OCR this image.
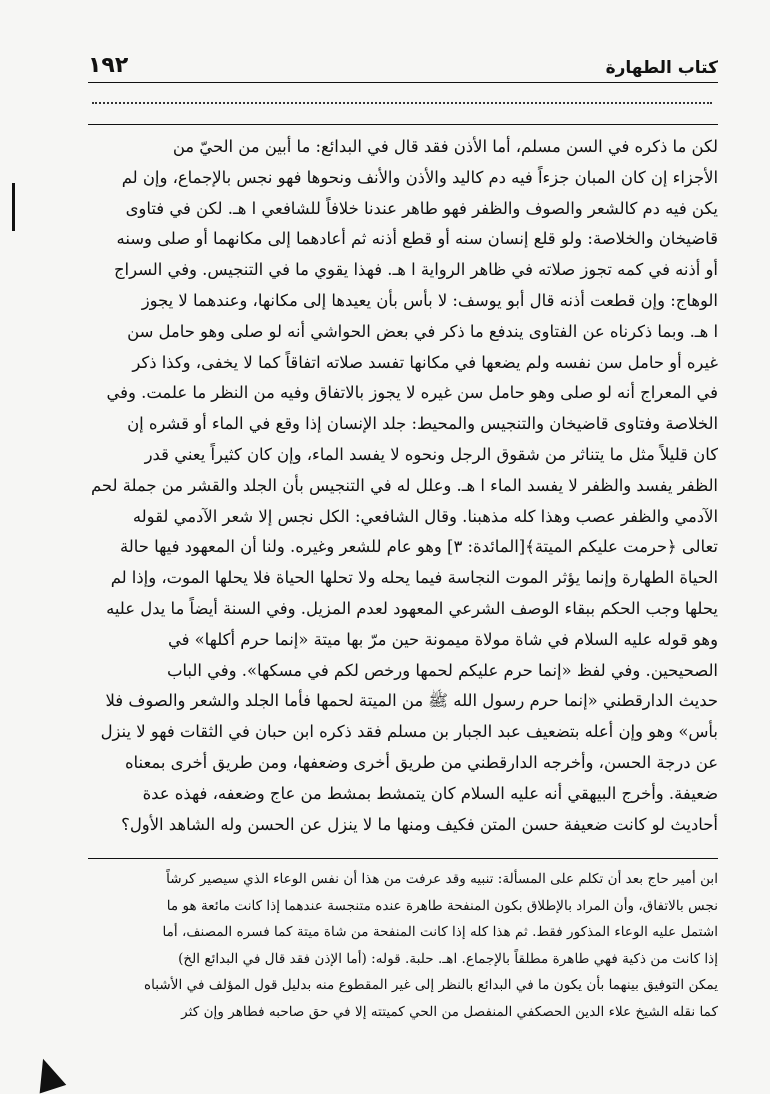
١٩٢	كتاب الطهارة
لكن ما ذكره في السن مسلم، أما الأذن فقد قال في البدائع: ما أبين من الحيّ من
الأجزاء إن كان المبان جزءاً فيه دم كاليد والأذن والأنف ونحوها فهو نجس بالإجماع، وإن لم
يكن فيه دم كالشعر والصوف والظفر فهو طاهر عندنا خلافاً للشافعي ا هـ. لكن في فتاوى
قاضيخان والخلاصة: ولو قلع إنسان سنه أو قطع أذنه ثم أعادهما إلى مكانهما أو صلى وسنه
أو أذنه في كمه تجوز صلاته في ظاهر الرواية ا هـ. فهذا يقوي ما في التنجيس. وفي السراج
الوهاج: وإن قطعت أذنه قال أبو يوسف: لا بأس بأن يعيدها إلى مكانها، وعندهما لا يجوز
ا هـ. وبما ذكرناه عن الفتاوى يندفع ما ذكر في بعض الحواشي أنه لو صلى وهو حامل سن
غيره أو حامل سن نفسه ولم يضعها في مكانها تفسد صلاته اتفاقاً كما لا يخفى، وكذا ذكر
في المعراج أنه لو صلى وهو حامل سن غيره لا يجوز بالاتفاق وفيه من النظر ما علمت. وفي
الخلاصة وفتاوى قاضيخان والتنجيس والمحيط: جلد الإنسان إذا وقع في الماء أو قشره إن
كان قليلاً مثل ما يتناثر من شقوق الرجل ونحوه لا يفسد الماء، وإن كان كثيراً يعني قدر
الظفر يفسد والظفر لا يفسد الماء ا هـ. وعلل له في التنجيس بأن الجلد والقشر من جملة لحم
الآدمي والظفر عصب وهذا كله مذهبنا. وقال الشافعي: الكل نجس إلا شعر الآدمي لقوله
تعالى ﴿حرمت عليكم الميتة﴾[المائدة: ٣] وهو عام للشعر وغيره. ولنا أن المعهود فيها حالة
الحياة الطهارة وإنما يؤثر الموت النجاسة فيما يحله ولا تحلها الحياة فلا يحلها الموت، وإذا لم
يحلها وجب الحكم ببقاء الوصف الشرعي المعهود لعدم المزيل. وفي السنة أيضاً ما يدل عليه
وهو قوله عليه السلام في شاة مولاة ميمونة حين مرّ بها ميتة «إنما حرم أكلها» في
الصحيحين. وفي لفظ «إنما حرم عليكم لحمها ورخص لكم في مسكها». وفي الباب
حديث الدارقطني «إنما حرم رسول الله ﷺ من الميتة لحمها فأما الجلد والشعر والصوف فلا
بأس» وهو وإن أعله بتضعيف عبد الجبار بن مسلم فقد ذكره ابن حبان في الثقات فهو لا ينزل
عن درجة الحسن، وأخرجه الدارقطني من طريق أخرى وضعفها، ومن طريق أخرى بمعناه
ضعيفة. وأخرج البيهقي أنه عليه السلام كان يتمشط بمشط من عاج وضعفه، فهذه عدة
أحاديث لو كانت ضعيفة حسن المتن فكيف ومنها ما لا ينزل عن الحسن وله الشاهد الأول؟
ابن أمير حاج بعد أن تكلم على المسألة: تنبيه وقد عرفت من هذا أن نفس الوعاء الذي سيصير كرشاً
نجس بالاتفاق، وأن المراد بالإطلاق بكون المنفحة طاهرة عنده متنجسة عندهما إذا كانت مائعة هو ما
اشتمل عليه الوعاء المذكور فقط. ثم هذا كله إذا كانت المنفحة من شاة ميتة كما فسره المصنف، أما
إذا كانت من ذكية فهي طاهرة مطلقاً بالإجماع. اهـ. حلبة. قوله: (أما الإذن فقد قال في البدائع الخ)
يمكن التوفيق بينهما بأن يكون ما في البدائع بالنظر إلى غير المقطوع منه بدليل قول المؤلف في الأشباه
كما نقله الشيخ علاء الدين الحصكفي المنفصل من الحي كميتته إلا في حق صاحبه فطاهر وإن كثر
